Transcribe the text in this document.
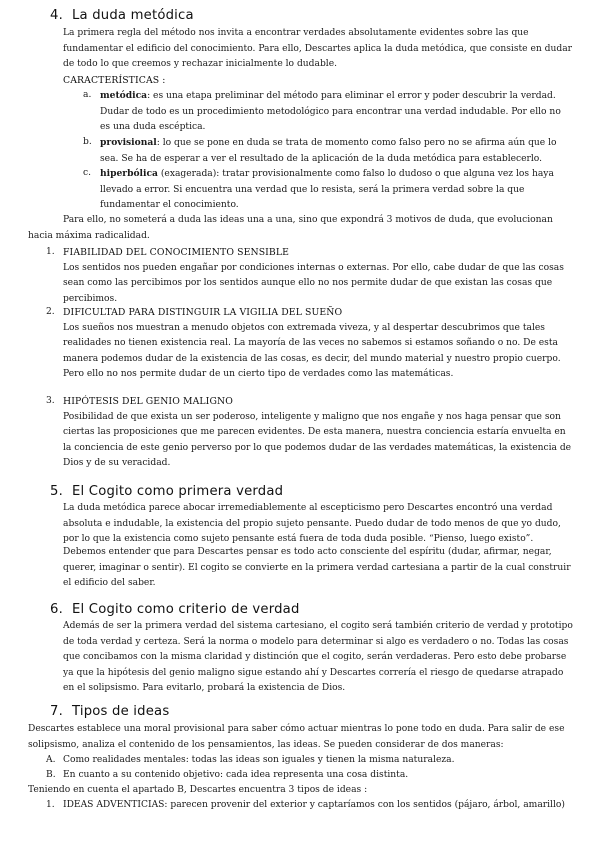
4. La duda metódica
La primera regla del método nos invita a encontrar verdades absolutamente evidentes sobre las que fundamentar el edificio del conocimiento. Para ello, Descartes aplica la duda metódica, que consiste en dudar de todo lo que creemos y rechazar inicialmente lo dudable.
CARACTERÍSTICAS :
a. metódica: es una etapa preliminar del método para eliminar el error y poder descubrir la verdad. Dudar de todo es un procedimiento metodológico para encontrar una verdad indudable. Por ello no es una duda escéptica.
b. provisional: lo que se pone en duda se trata de momento como falso pero no se afirma aún que lo sea. Se ha de esperar a ver el resultado de la aplicación de la duda metódica para establecerlo.
c. hiperbólica (exagerada): tratar provisionalmente como falso lo dudoso o que alguna vez los haya llevado a error. Si encuentra una verdad que lo resista, será la primera verdad sobre la que fundamentar el conocimiento.
Para ello, no someterá a duda las ideas una a una, sino que expondrá 3 motivos de duda, que evolucionan hacia máxima radicalidad.
1. FIABILIDAD DEL CONOCIMIENTO SENSIBLE
Los sentidos nos pueden engañar por condiciones internas o externas. Por ello, cabe dudar de que las cosas sean como las percibimos por los sentidos aunque ello no nos permite dudar de que existan las cosas que percibimos.
2. DIFICULTAD PARA DISTINGUIR LA VIGILIA DEL SUEÑO
Los sueños nos muestran a menudo objetos con extremada viveza, y al despertar descubrimos que tales realidades no tienen existencia real. La mayoría de las veces no sabemos si estamos soñando o no. De esta manera podemos dudar de la existencia de las cosas, es decir, del mundo material y nuestro propio cuerpo. Pero ello no nos permite dudar de un cierto tipo de verdades como las matemáticas.
3. HIPÓTESIS DEL GENIO MALIGNO
Posibilidad de que exista un ser poderoso, inteligente y maligno que nos engañe y nos haga pensar que son ciertas las proposiciones que me parecen evidentes. De esta manera, nuestra conciencia estaría envuelta en la conciencia de este genio perverso por lo que podemos dudar de las verdades matemáticas, la existencia de Dios y de su veracidad.
5. El Cogito como primera verdad
La duda metódica parece abocar irremediablemente al escepticismo pero Descartes encontró una verdad absoluta e indudable, la existencia del propio sujeto pensante. Puedo dudar de todo menos de que yo dudo, por lo que la existencia como sujeto pensante está fuera de toda duda posible. “Pienso, luego existo”.
Debemos entender que para Descartes pensar es todo acto consciente del espíritu (dudar, afirmar, negar, querer, imaginar o sentir). El cogito se convierte en la primera verdad cartesiana a partir de la cual construir el edificio del saber.
6. El Cogito como criterio de verdad
Además de ser la primera verdad del sistema cartesiano, el cogito será también criterio de verdad y prototipo de toda verdad y certeza. Será la norma o modelo para determinar si algo es verdadero o no. Todas las cosas que concibamos con la misma claridad y distinción que el cogito, serán verdaderas. Pero esto debe probarse ya que la hipótesis del genio maligno sigue estando ahí y Descartes correría el riesgo de quedarse atrapado en el solipsismo. Para evitarlo, probará la existencia de Dios.
7. Tipos de ideas
Descartes establece una moral provisional para saber cómo actuar mientras lo pone todo en duda. Para salir de ese solipsismo, analiza el contenido de los pensamientos, las ideas. Se pueden considerar de dos maneras:
A. Como realidades mentales: todas las ideas son iguales y tienen la misma naturaleza.
B. En cuanto a su contenido objetivo: cada idea representa una cosa distinta.
Teniendo en cuenta el apartado B, Descartes encuentra 3 tipos de ideas :
1. IDEAS ADVENTICIAS: parecen provenir del exterior y captaríamos con los sentidos (pájaro, árbol, amarillo)
